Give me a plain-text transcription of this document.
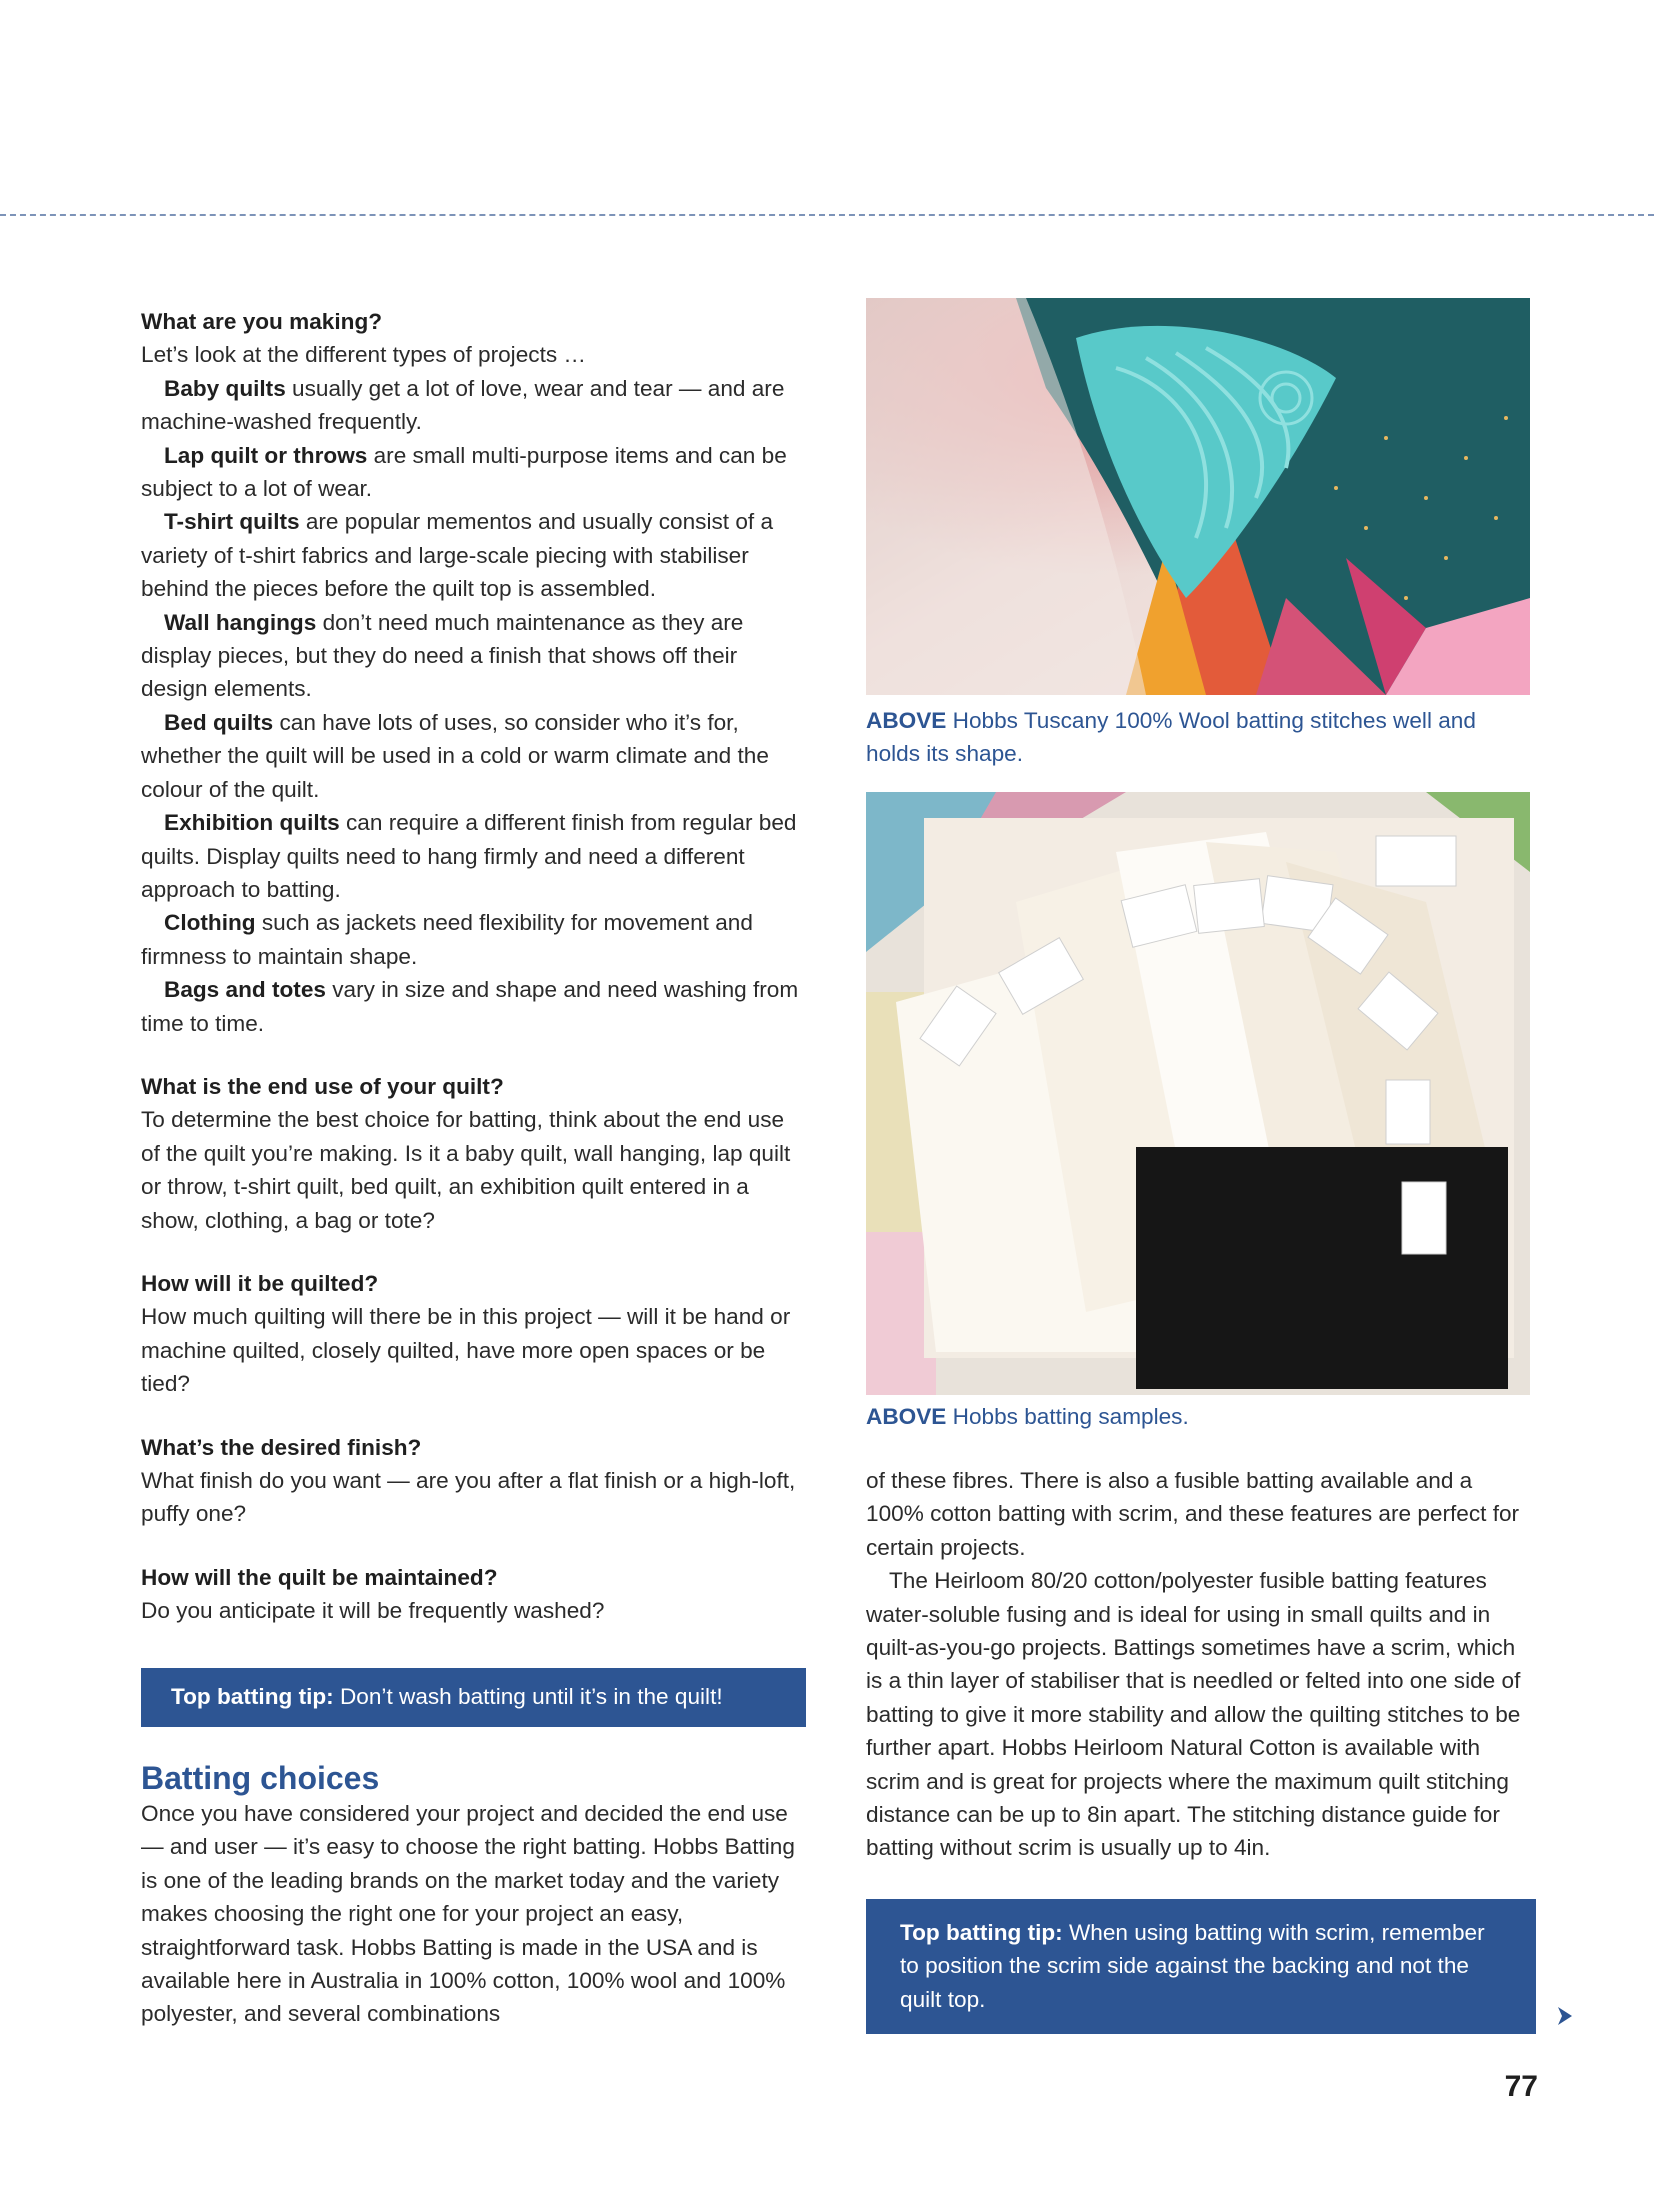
What are you making?

Let’s look at the different types of projects …

Baby quilts usually get a lot of love, wear and tear — and are machine-washed frequently.

Lap quilt or throws are small multi-purpose items and can be subject to a lot of wear.

T-shirt quilts are popular mementos and usually consist of a variety of t-shirt fabrics and large-scale piecing with stabiliser behind the pieces before the quilt top is assembled.

Wall hangings don’t need much maintenance as they are display pieces, but they do need a finish that shows off their design elements.

Bed quilts can have lots of uses, so consider who it’s for, whether the quilt will be used in a cold or warm climate and the colour of the quilt.

Exhibition quilts can require a different finish from regular bed quilts. Display quilts need to hang firmly and need a different approach to batting.

Clothing such as jackets need flexibility for movement and firmness to maintain shape.

Bags and totes vary in size and shape and need washing from time to time.

What is the end use of your quilt?

To determine the best choice for batting, think about the end use of the quilt you’re making. Is it a baby quilt, wall hanging, lap quilt or throw, t-shirt quilt, bed quilt, an exhibition quilt entered in a show, clothing, a bag or tote?

How will it be quilted?

How much quilting will there be in this project — will it be hand or machine quilted, closely quilted, have more open spaces or be tied?

What’s the desired finish?

What finish do you want — are you after a flat finish or a high-loft, puffy one?

How will the quilt be maintained?

Do you anticipate it will be frequently washed?

Top batting tip: Don’t wash batting until it’s in the quilt!
Batting choices

Once you have considered your project and decided the end use — and user — it’s easy to choose the right batting. Hobbs Batting is one of the leading brands on the market today and the variety makes choosing the right one for your project an easy, straightforward task. Hobbs Batting is made in the USA and is available here in Australia in 100% cotton, 100% wool and 100% polyester, and several combinations

ABOVE Hobbs Tuscany 100% Wool batting stitches well and holds its shape.
ABOVE Hobbs batting samples.

of these fibres. There is also a fusible batting available and a 100% cotton batting with scrim, and these features are perfect for certain projects.

The Heirloom 80/20 cotton/polyester fusible batting features water-soluble fusing and is ideal for using in small quilts and in quilt-as-you-go projects. Battings sometimes have a scrim, which is a thin layer of stabiliser that is needled or felted into one side of batting to give it more stability and allow the quilting stitches to be further apart. Hobbs Heirloom Natural Cotton is available with scrim and is great for projects where the maximum quilt stitching distance can be up to 8in apart. The stitching distance guide for batting without scrim is usually up to 4in.

Top batting tip: When using batting with scrim, remember to position the scrim side against the backing and not the quilt top.
77
